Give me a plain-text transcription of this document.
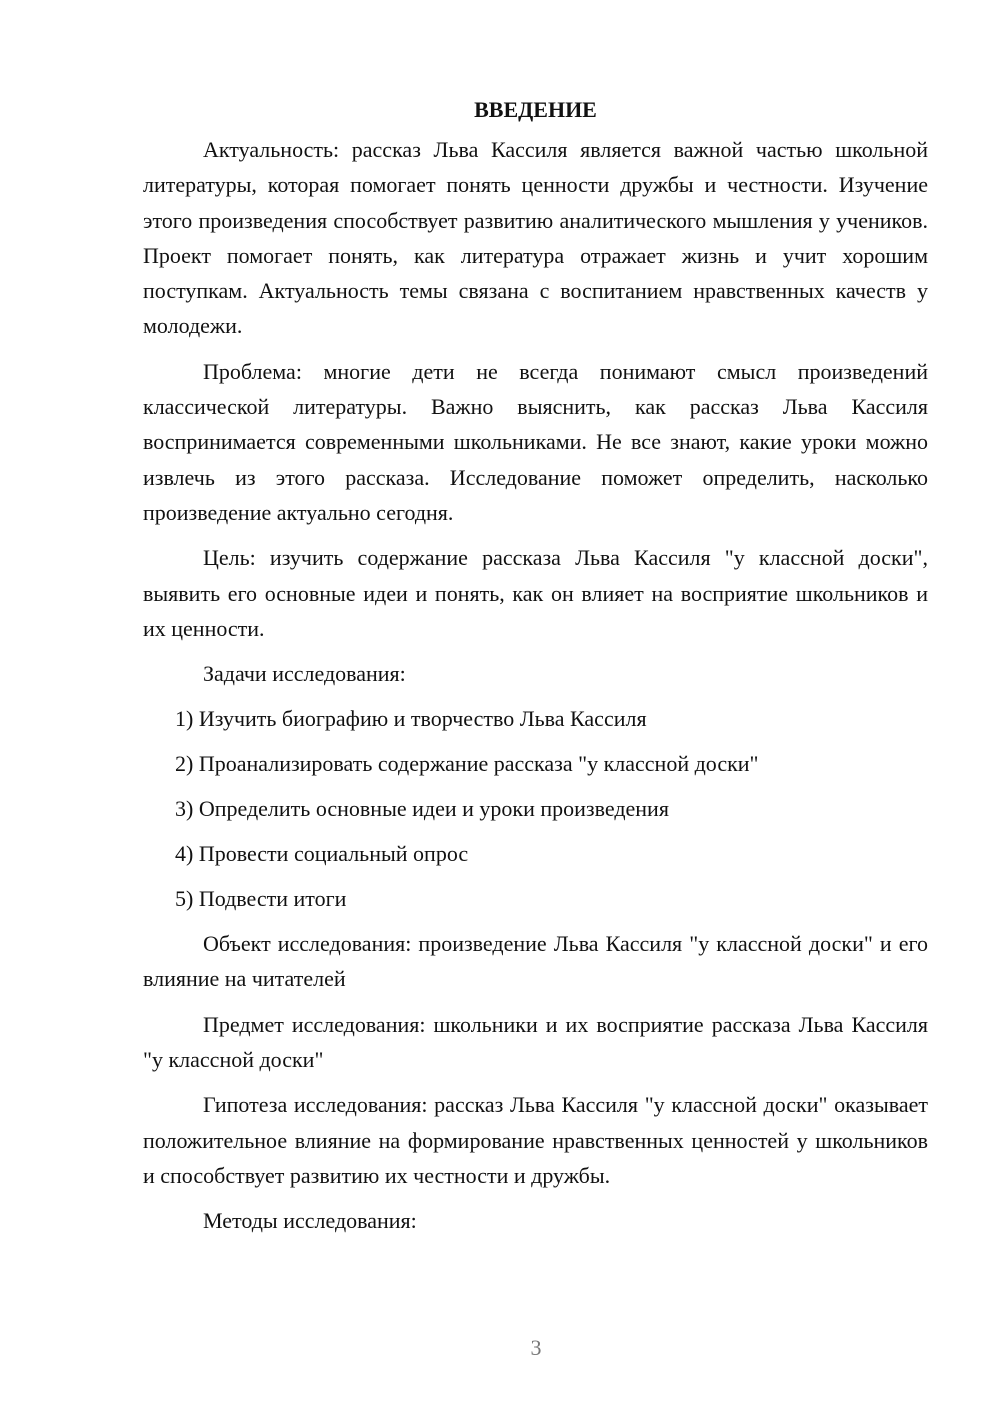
ВВЕДЕНИЕ

Актуальность: рассказ Льва Кассиля является важной частью школьной литературы, которая помогает понять ценности дружбы и честности. Изучение этого произведения способствует развитию аналитического мышления у учеников. Проект помогает понять, как литература отражает жизнь и учит хорошим поступкам. Актуальность темы связана с воспитанием нравственных качеств у молодежи.

Проблема: многие дети не всегда понимают смысл произведений классической литературы. Важно выяснить, как рассказ Льва Кассиля воспринимается современными школьниками. Не все знают, какие уроки можно извлечь из этого рассказа. Исследование поможет определить, насколько произведение актуально сегодня.

Цель: изучить содержание рассказа Льва Кассиля "у классной доски", выявить его основные идеи и понять, как он влияет на восприятие школьников и их ценности.

Задачи исследования:

1) Изучить биографию и творчество Льва Кассиля
2) Проанализировать содержание рассказа "у классной доски"
3) Определить основные идеи и уроки произведения
4) Провести социальный опрос
5) Подвести итоги

Объект исследования: произведение Льва Кассиля "у классной доски" и его влияние на читателей

Предмет исследования: школьники и их восприятие рассказа Льва Кассиля "у классной доски"

Гипотеза исследования: рассказ Льва Кассиля "у классной доски" оказывает положительное влияние на формирование нравственных ценностей у школьников и способствует развитию их честности и дружбы.

Методы исследования:

3
